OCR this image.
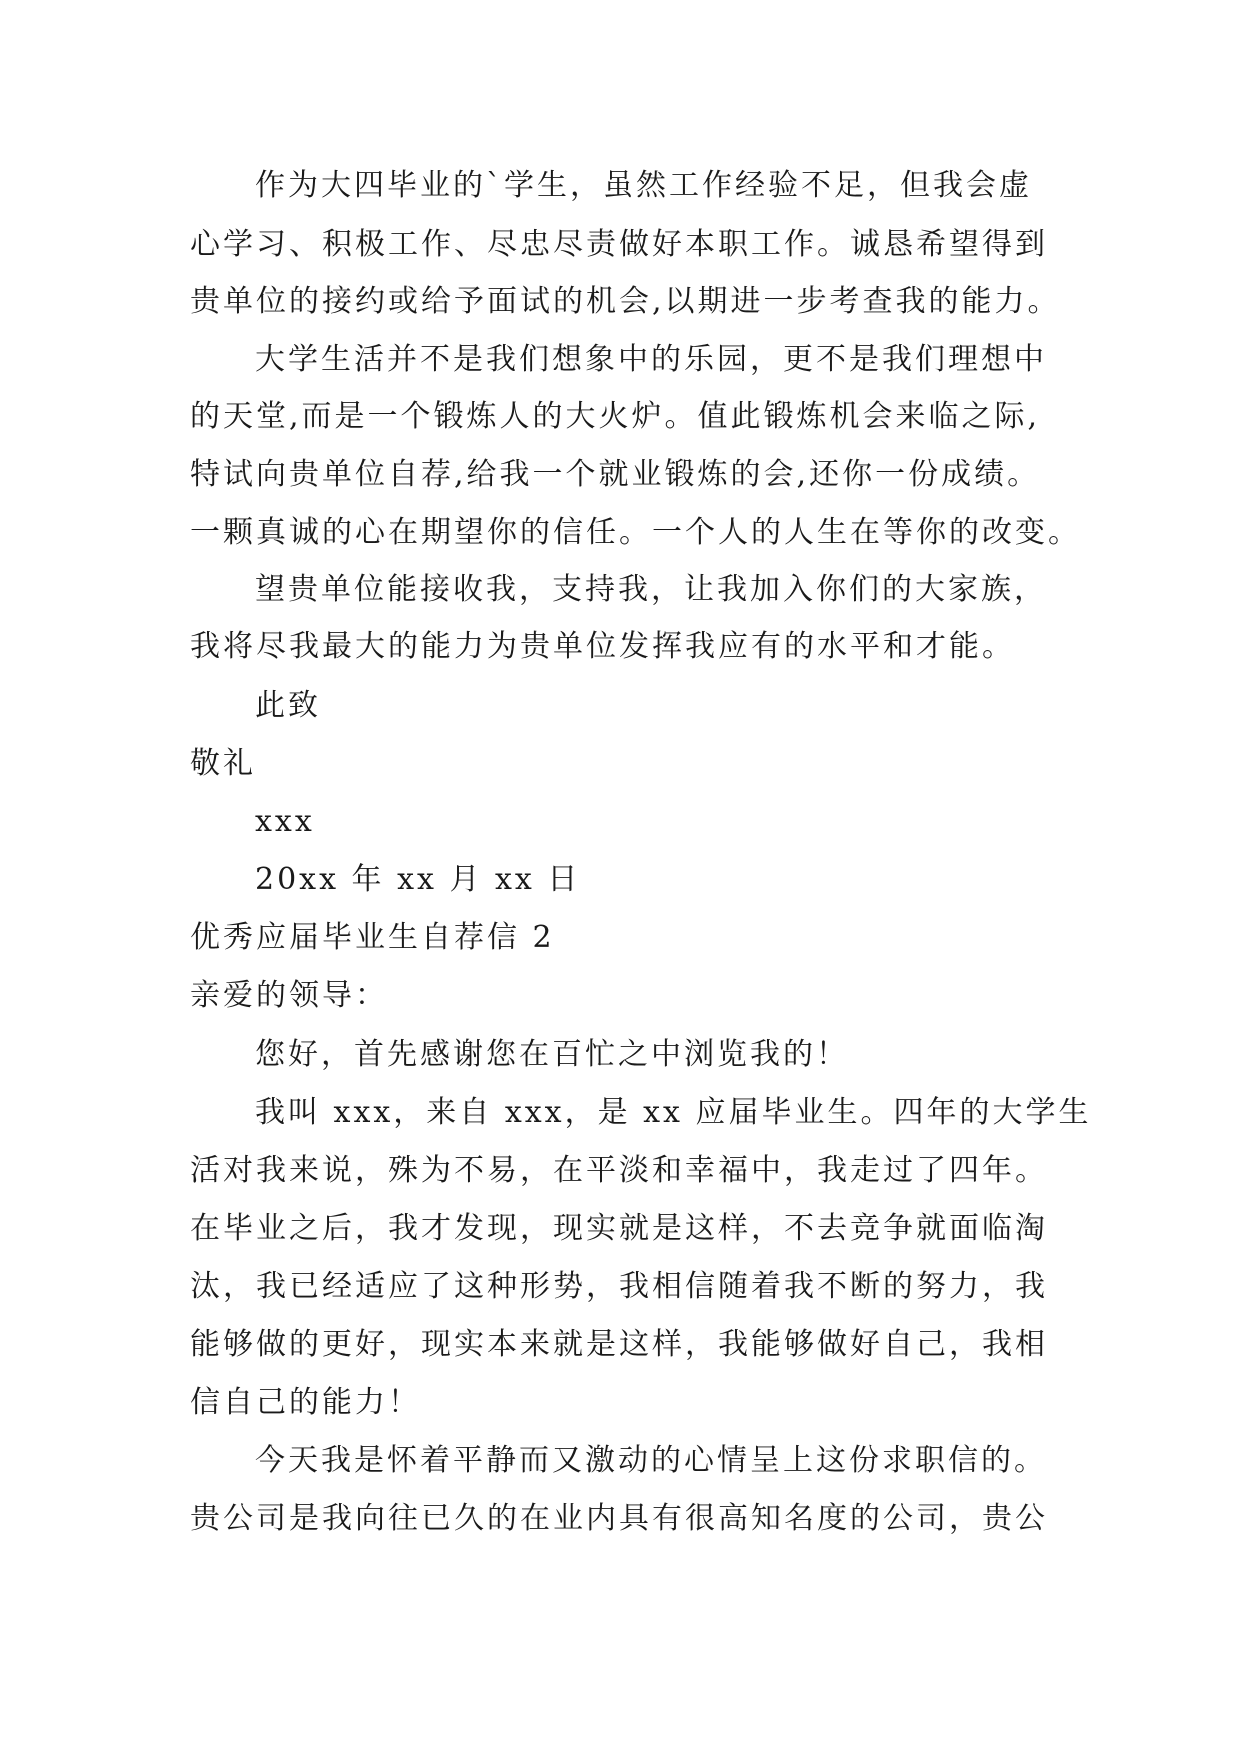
作为大四毕业的`学生，虽然工作经验不足，但我会虚
心学习、积极工作、尽忠尽责做好本职工作。诚恳希望得到
贵单位的接约或给予面试的机会,以期进一步考查我的能力。
大学生活并不是我们想象中的乐园，更不是我们理想中
的天堂,而是一个锻炼人的大火炉。值此锻炼机会来临之际,
特试向贵单位自荐,给我一个就业锻炼的会,还你一份成绩。
一颗真诚的心在期望你的信任。一个人的人生在等你的改变。
望贵单位能接收我，支持我，让我加入你们的大家族，
我将尽我最大的能力为贵单位发挥我应有的水平和才能。
此致
敬礼
xxx
20xx 年 xx 月 xx 日
优秀应届毕业生自荐信 2
亲爱的领导：
您好，首先感谢您在百忙之中浏览我的！
我叫 xxx，来自 xxx，是 xx 应届毕业生。四年的大学生
活对我来说，殊为不易，在平淡和幸福中，我走过了四年。
在毕业之后，我才发现，现实就是这样，不去竞争就面临淘
汰，我已经适应了这种形势，我相信随着我不断的努力，我
能够做的更好，现实本来就是这样，我能够做好自己，我相
信自己的能力！
今天我是怀着平静而又激动的心情呈上这份求职信的。
贵公司是我向往已久的在业内具有很高知名度的公司，贵公
